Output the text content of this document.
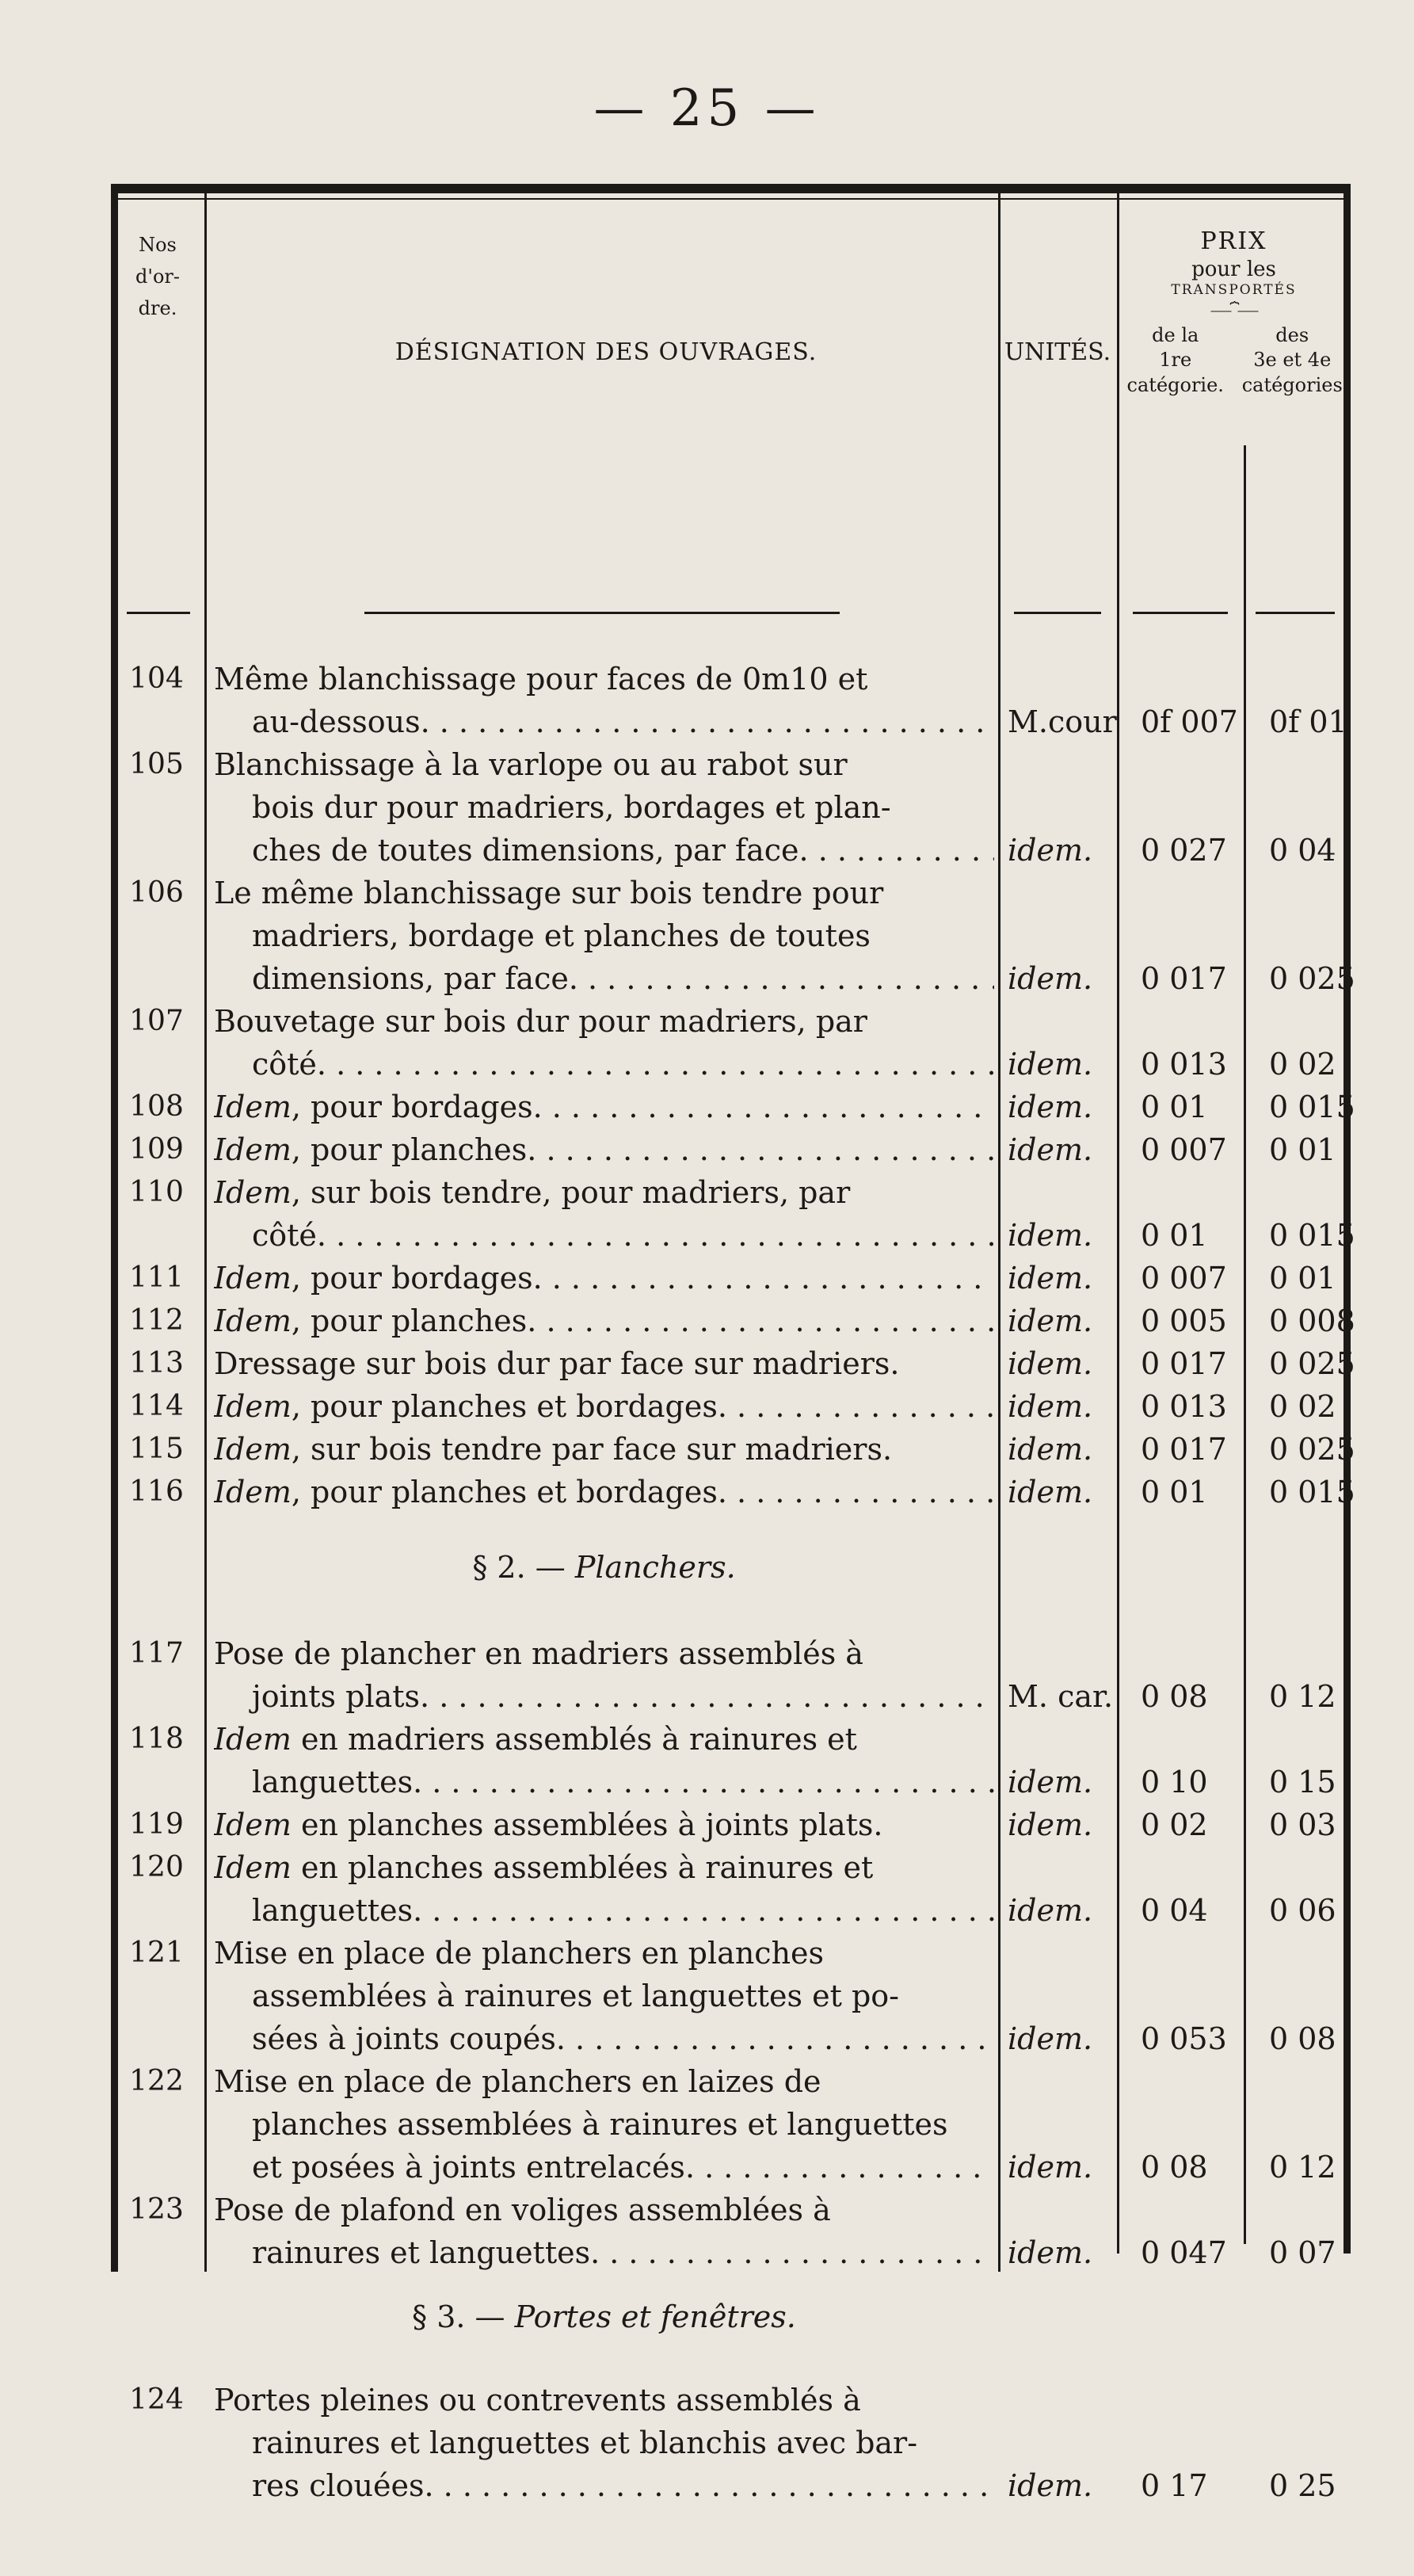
— 25 —
Nos
d'or-
dre.
DÉSIGNATION DES OUVRAGES.	UNITÉS.
PRIX
pour les
TRANSPORTÉS
⎯⎯⎯⏞⎯⎯⎯
de la
1re
catégorie.
des
3e et 4e
catégories
104	Même blanchissage pour faces de 0m10 et
au-dessous . . .	M.cour 0f 007	0f 01
105	Blanchissage à la varlope ou au rabot sur
bois dur pour madriers, bordages et plan-
ches de toutes dimensions, par face . . .	idem.	0 027	0 04
106	Le même blanchissage sur bois tendre pour
madriers, bordage et planches de toutes
dimensions, par face . . .	idem.	0 017	0 025
107	Bouvetage sur bois dur pour madriers, par
côté . . .	idem.	0 013	0 02
108	Idem, pour bordages . . .	idem.	0 01	0 015
109	Idem, pour planches . . .	idem.	0 007	0 01
110	Idem, sur bois tendre, pour madriers, par
côté . . .	idem.	0 01	0 015
111	Idem, pour bordages . . .	idem.	0 007	0 01
112	Idem, pour planches . . .	idem.	0 005	0 008
113	Dressage sur bois dur par face sur madriers.	idem.	0 017	0 025
114	Idem, pour planches et bordages . . .	idem.	0 013	0 02
115	Idem, sur bois tendre par face sur madriers.	idem.	0 017	0 025
116	Idem, pour planches et bordages . . .	idem.	0 01	0 015
117	Pose de plancher en madriers assemblés à
joints plats . . .	M. car. 0 08	0 12
118	Idem en madriers assemblés à rainures et
languettes . . .	idem.	0 10	0 15
119	Idem en planches assemblées à joints plats.	idem.	0 02	0 03
120	Idem en planches assemblées à rainures et
languettes . . .	idem.	0 04	0 06
121	Mise en place de planchers en planches
assemblées à rainures et languettes et po-
sées à joints coupés . . .	idem.	0 053	0 08
122	Mise en place de planchers en laizes de
planches assemblées à rainures et languettes
et posées à joints entrelacés . . .	idem.	0 08	0 12
123	Pose de plafond en voliges assemblées à
rainures et languettes . . .	idem.	0 047	0 07
124	Portes pleines ou contrevents assemblés à
rainures et languettes et blanchis avec bar-
res clouées . . .	idem.	0 17	0 25
§ 2. — Planchers.
§ 3. — Portes et fenêtres.
